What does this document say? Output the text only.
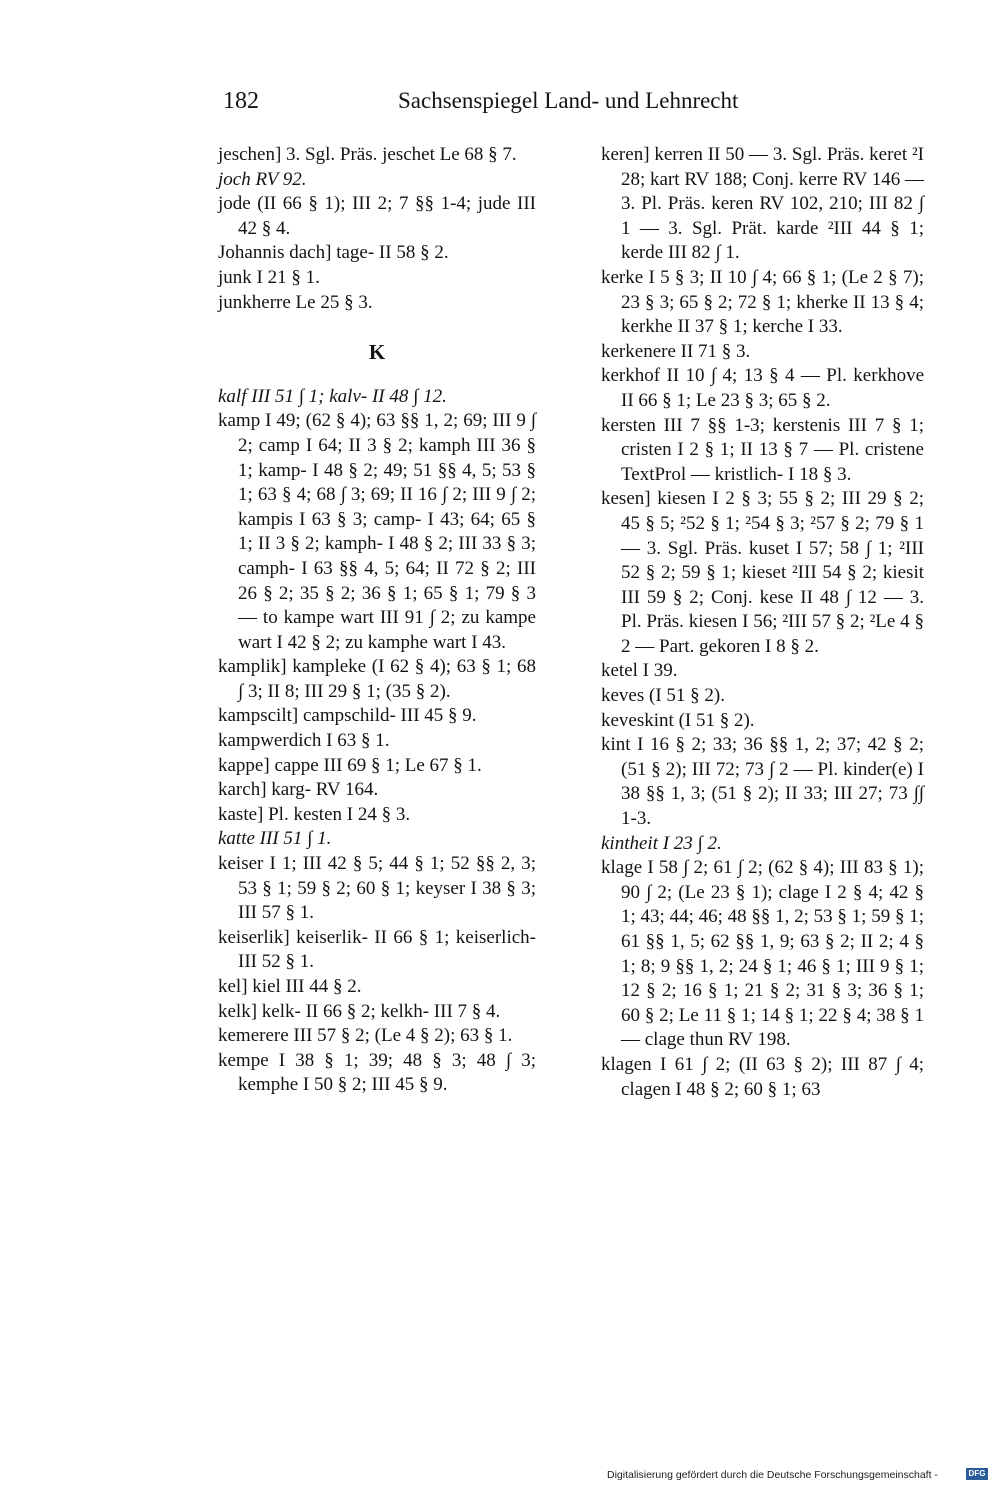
182	Sachsenspiegel Land- und Lehnrecht

jeschen] 3. Sgl. Präs. jeschet Le 68 § 7.

joch RV 92.

jode (II 66 § 1); III 2; 7 §§ 1-4; jude III 42 § 4.

Johannis dach] tage- II 58 § 2.

junk I 21 § 1.

junkherre Le 25 § 3.

K

kalf III 51 ∫ 1; kalv- II 48 ∫ 12.

kamp I 49; (62 § 4); 63 §§ 1, 2; 69; III 9 ∫ 2; camp I 64; II 3 § 2; kamph III 36 § 1; kamp- I 48 § 2; 49; 51 §§ 4, 5; 53 § 1; 63 § 4; 68 ∫ 3; 69; II 16 ∫ 2; III 9 ∫ 2; kampis I 63 § 3; camp- I 43; 64; 65 § 1; II 3 § 2; kamph- I 48 § 2; III 33 § 3; camph- I 63 §§ 4, 5; 64; II 72 § 2; III 26 § 2; 35 § 2; 36 § 1; 65 § 1; 79 § 3 — to kampe wart III 91 ∫ 2; zu kampe wart I 42 § 2; zu kamphe wart I 43.

kamplik] kampleke (I 62 § 4); 63 § 1; 68 ∫ 3; II 8; III 29 § 1; (35 § 2).

kampscilt] campschild- III 45 § 9.

kampwerdich I 63 § 1.

kappe] cappe III 69 § 1; Le 67 § 1.

karch] karg- RV 164.

kaste] Pl. kesten I 24 § 3.

katte III 51 ∫ 1.

keiser I 1; III 42 § 5; 44 § 1; 52 §§ 2, 3; 53 § 1; 59 § 2; 60 § 1; keyser I 38 § 3; III 57 § 1.

keiserlik] keiserlik- II 66 § 1; keiserlich- III 52 § 1.

kel] kiel III 44 § 2.

kelk] kelk- II 66 § 2; kelkh- III 7 § 4.

kemerere III 57 § 2; (Le 4 § 2); 63 § 1.

kempe I 38 § 1; 39; 48 § 3; 48 ∫ 3; kemphe I 50 § 2; III 45 § 9.

keren] kerren II 50 — 3. Sgl. Präs. keret ²I 28; kart RV 188; Conj. kerre RV 146 — 3. Pl. Präs. keren RV 102, 210; III 82 ∫ 1 — 3. Sgl. Prät. karde ²III 44 § 1; kerde III 82 ∫ 1.

kerke I 5 § 3; II 10 ∫ 4; 66 § 1; (Le 2 § 7); 23 § 3; 65 § 2; 72 § 1; kherke II 13 § 4; kerkhe II 37 § 1; kerche I 33.

kerkenere II 71 § 3.

kerkhof II 10 ∫ 4; 13 § 4 — Pl. kerkhove II 66 § 1; Le 23 § 3; 65 § 2.

kersten III 7 §§ 1-3; kerstenis III 7 § 1; cristen I 2 § 1; II 13 § 7 — Pl. cristene TextProl — kristlich- I 18 § 3.

kesen] kiesen I 2 § 3; 55 § 2; III 29 § 2; 45 § 5; ²52 § 1; ²54 § 3; ²57 § 2; 79 § 1 — 3. Sgl. Präs. kuset I 57; 58 ∫ 1; ²III 52 § 2; 59 § 1; kieset ²III 54 § 2; kiesit III 59 § 2; Conj. kese II 48 ∫ 12 — 3. Pl. Präs. kiesen I 56; ²III 57 § 2; ²Le 4 § 2 — Part. gekoren I 8 § 2.

ketel I 39.

keves (I 51 § 2).

keveskint (I 51 § 2).

kint I 16 § 2; 33; 36 §§ 1, 2; 37; 42 § 2; (51 § 2); III 72; 73 ∫ 2 — Pl. kinder(e) I 38 §§ 1, 3; (51 § 2); II 33; III 27; 73 ∫∫ 1-3.

kintheit I 23 ∫ 2.

klage I 58 ∫ 2; 61 ∫ 2; (62 § 4); III 83 § 1); 90 ∫ 2; (Le 23 § 1); clage I 2 § 4; 42 § 1; 43; 44; 46; 48 §§ 1, 2; 53 § 1; 59 § 1; 61 §§ 1, 5; 62 §§ 1, 9; 63 § 2; II 2; 4 § 1; 8; 9 §§ 1, 2; 24 § 1; 46 § 1; III 9 § 1; 12 § 2; 16 § 1; 21 § 2; 31 § 3; 36 § 1; 60 § 2; Le 11 § 1; 14 § 1; 22 § 4; 38 § 1 — clage thun RV 198.

klagen I 61 ∫ 2; (II 63 § 2); III 87 ∫ 4; clagen I 48 § 2; 60 § 1; 63

Digitalisierung gefördert durch die Deutsche Forschungsgemeinschaft -	DFG
